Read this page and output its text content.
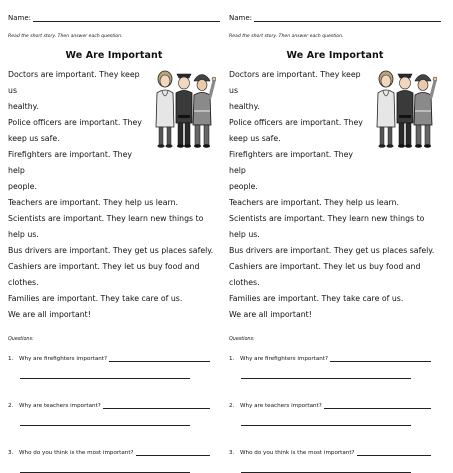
Name:
Read the short story. Then answer each question.
We Are Important

Doctors are important. They keep us

healthy.

Police officers are important. They

keep us safe.

Firefighters are important. They help

people.

Teachers are important. They help us learn.

Scientists are important. They learn new things to help us.

Bus drivers are important. They get us places safely.

Cashiers are important. They let us buy food and clothes.

Families are important. They take care of us.

We are all important!

Questions:
1.	Why are firefighters important?
2.	Why are teachers important?
3.	Who do you think is the most important?
Name:
Read the short story. Then answer each question.
We Are Important

Doctors are important. They keep us

healthy.

Police officers are important. They

keep us safe.

Firefighters are important. They help

people.

Teachers are important. They help us learn.

Scientists are important. They learn new things to help us.

Bus drivers are important. They get us places safely.

Cashiers are important. They let us buy food and clothes.

Families are important. They take care of us.

We are all important!

Questions:
1.	Why are firefighters important?
2.	Why are teachers important?
3.	Who do you think is the most important?
